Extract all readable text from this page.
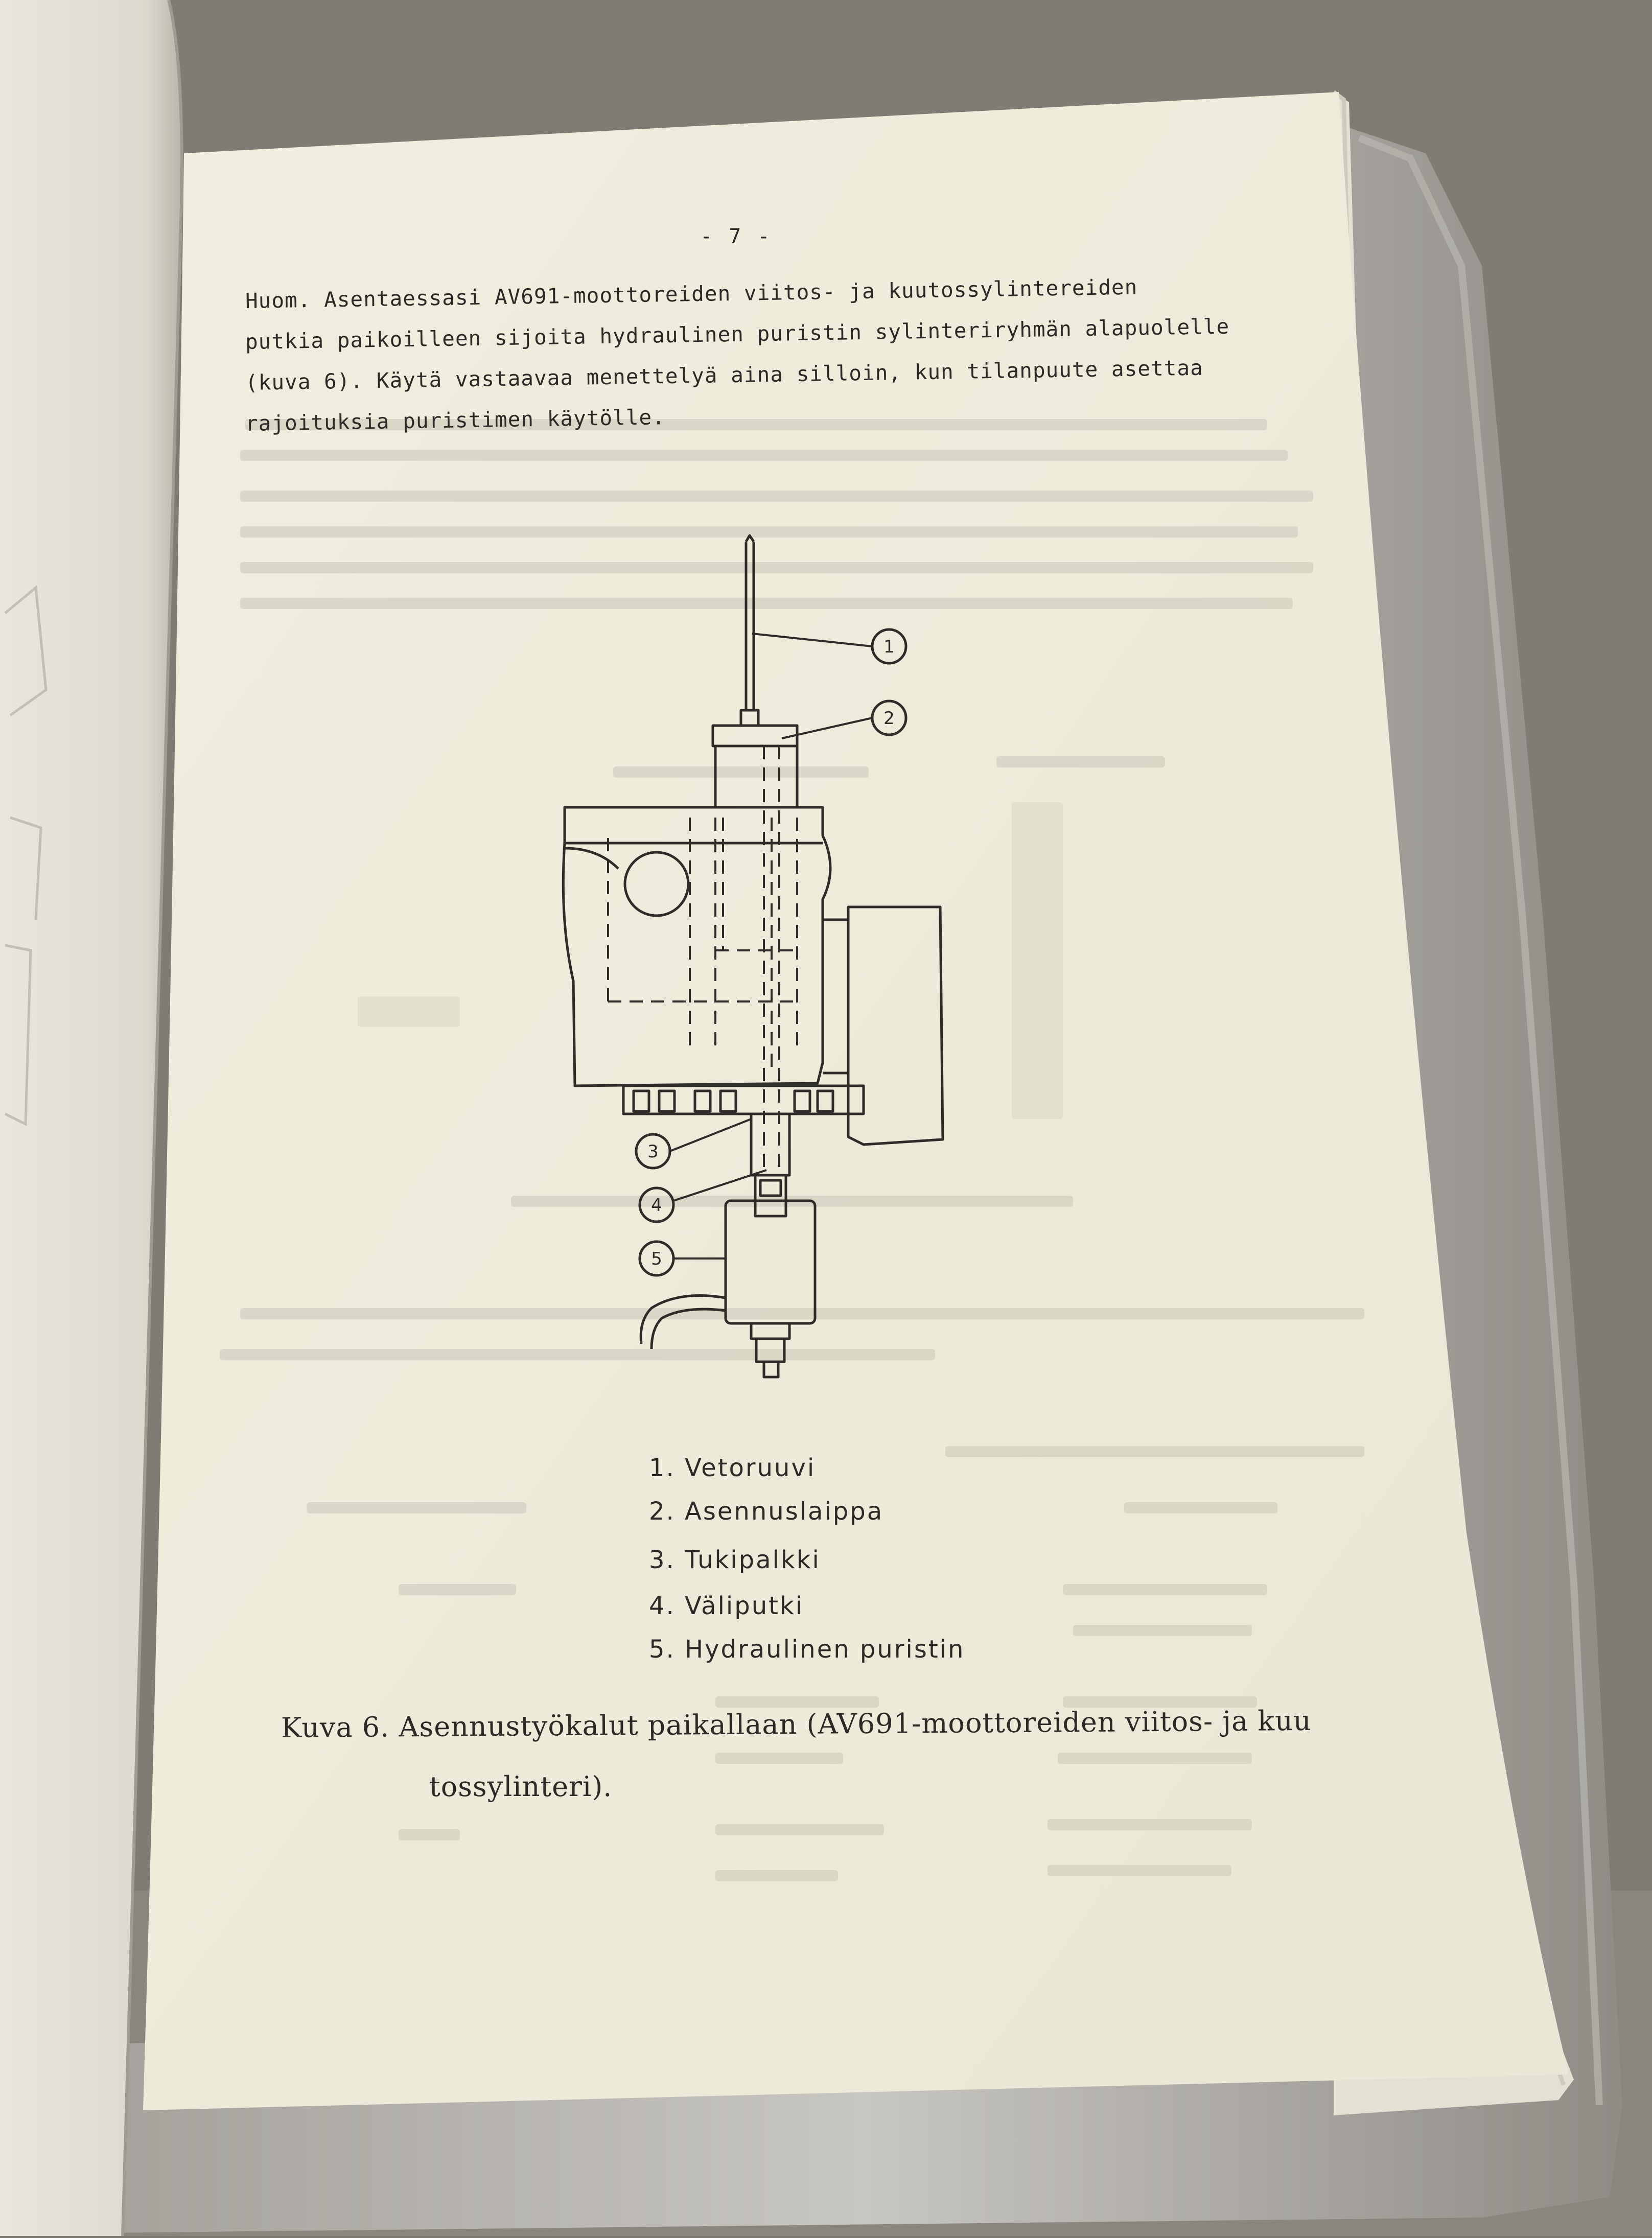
1
2
3
4
5
- 7 -
Huom. Asentaessasi AV691-moottoreiden viitos- ja kuutossylintereiden
putkia paikoilleen sijoita hydraulinen puristin sylinteriryhmän alapuolelle
(kuva 6). Käytä vastaavaa menettelyä aina silloin, kun tilanpuute asettaa
rajoituksia puristimen käytölle.
1. Vetoruuvi
2. Asennuslaippa
3. Tukipalkki
4. Väliputki
5. Hydraulinen puristin
Kuva 6. Asennustyökalut paikallaan (AV691-moottoreiden viitos- ja kuu
tossylinteri).
